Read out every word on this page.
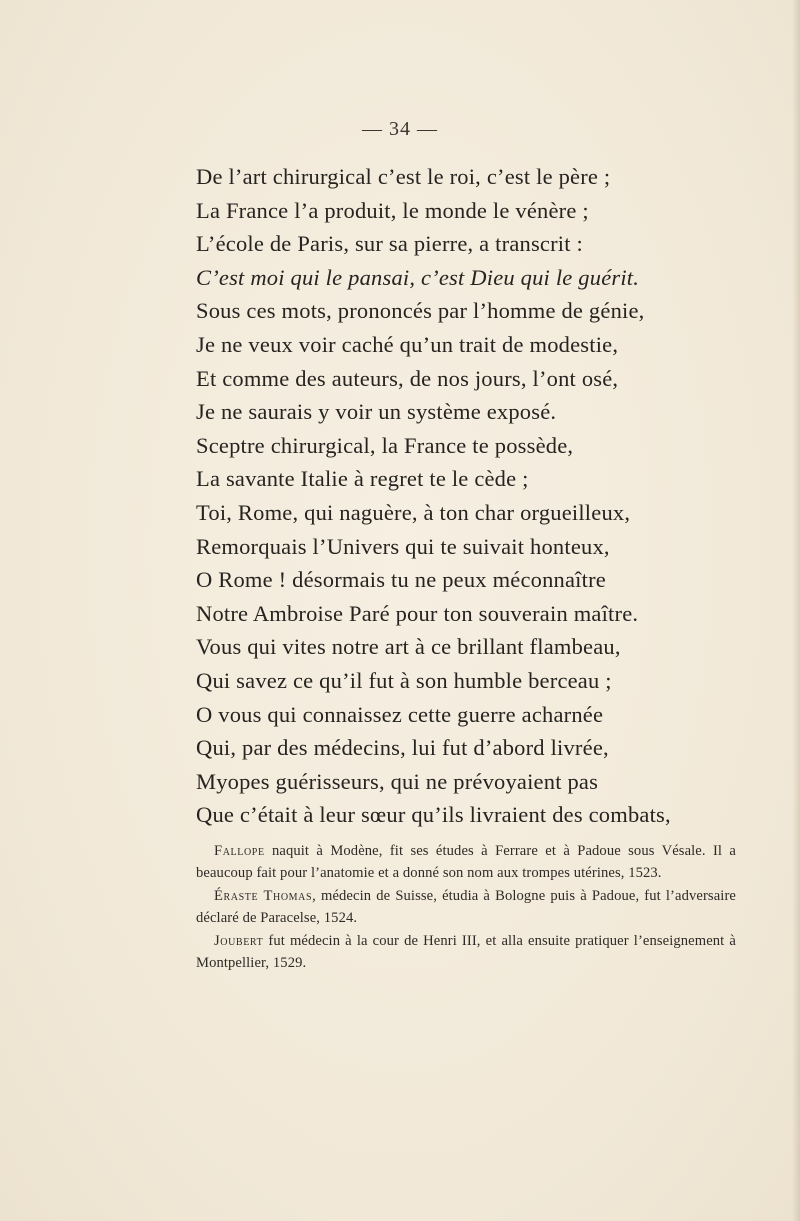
— 34 —
De l’art chirurgical c’est le roi, c’est le père ;
La France l’a produit, le monde le vénère ;
L’école de Paris, sur sa pierre, a transcrit :
C’est moi qui le pansai, c’est Dieu qui le guérit.
Sous ces mots, prononcés par l’homme de génie,
Je ne veux voir caché qu’un trait de modestie,
Et comme des auteurs, de nos jours, l’ont osé,
Je ne saurais y voir un système exposé.
Sceptre chirurgical, la France te possède,
La savante Italie à regret te le cède ;
Toi, Rome, qui naguère, à ton char orgueilleux,
Remorquais l’Univers qui te suivait honteux,
O Rome ! désormais tu ne peux méconnaître
Notre Ambroise Paré pour ton souverain maître.
Vous qui vites notre art à ce brillant flambeau,
Qui savez ce qu’il fut à son humble berceau ;
O vous qui connaissez cette guerre acharnée
Qui, par des médecins, lui fut d’abord livrée,
Myopes guérisseurs, qui ne prévoyaient pas
Que c’était à leur sœur qu’ils livraient des combats,

Fallope naquit à Modène, fit ses études à Ferrare et à Padoue sous Vésale. Il a beaucoup fait pour l’anatomie et a donné son nom aux trompes utérines, 1523.

Éraste Thomas, médecin de Suisse, étudia à Bologne puis à Padoue, fut l’adversaire déclaré de Paracelse, 1524.

Joubert fut médecin à la cour de Henri III, et alla ensuite pratiquer l’enseignement à Montpellier, 1529.
